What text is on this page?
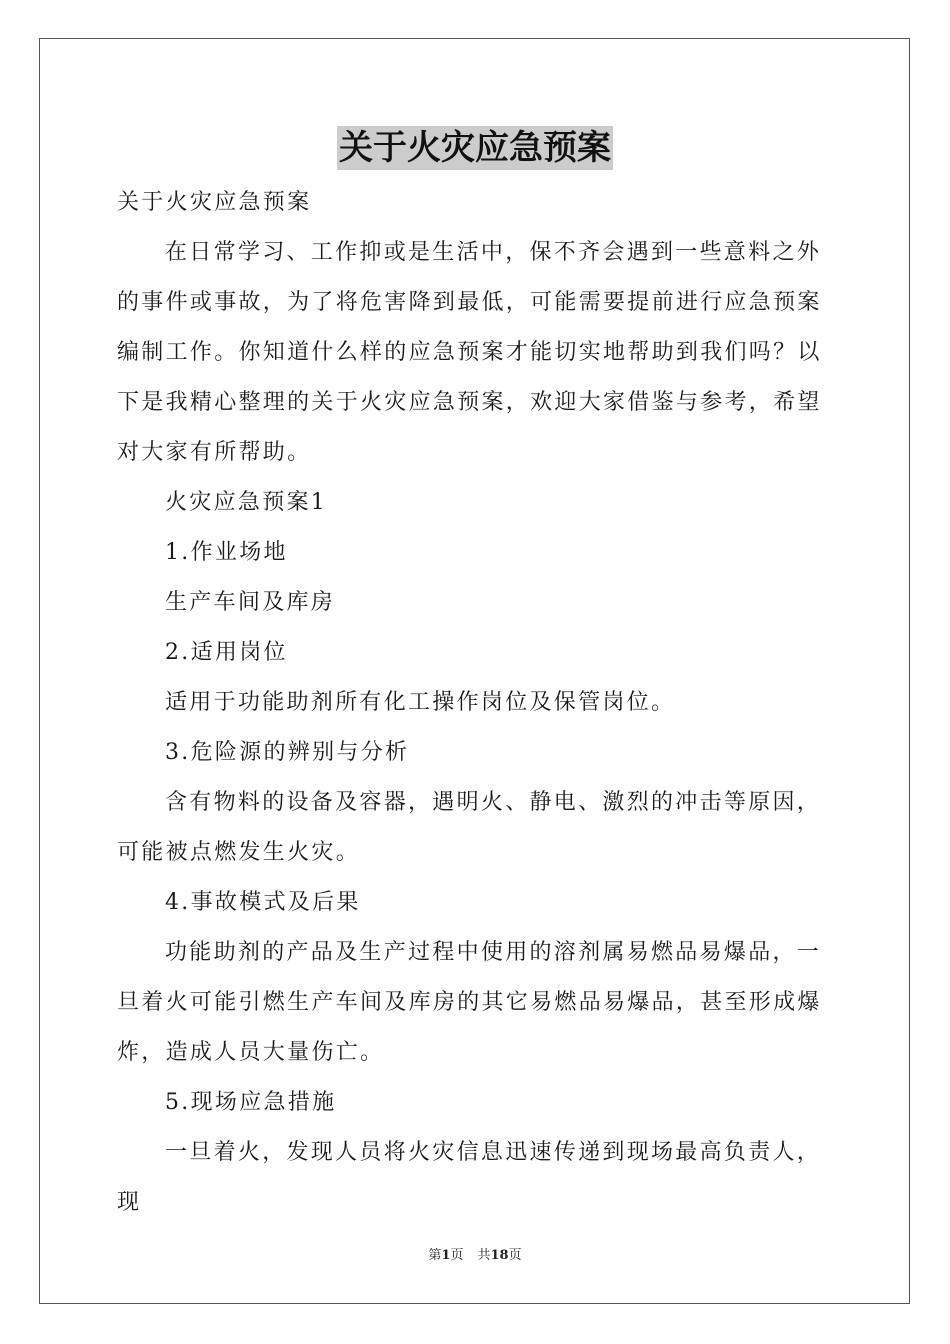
关于火灾应急预案

关于火灾应急预案

在日常学习、工作抑或是生活中，保不齐会遇到一些意料之外的事件或事故，为了将危害降到最低，可能需要提前进行应急预案编制工作。你知道什么样的应急预案才能切实地帮助到我们吗？以下是我精心整理的关于火灾应急预案，欢迎大家借鉴与参考，希望对大家有所帮助。

火灾应急预案1

1.作业场地

生产车间及库房

2.适用岗位

适用于功能助剂所有化工操作岗位及保管岗位。

3.危险源的辨别与分析

含有物料的设备及容器，遇明火、静电、激烈的冲击等原因，可能被点燃发生火灾。

4.事故模式及后果

功能助剂的产品及生产过程中使用的溶剂属易燃品易爆品，一旦着火可能引燃生产车间及库房的其它易燃品易爆品，甚至形成爆炸，造成人员大量伤亡。

5.现场应急措施

一旦着火，发现人员将火灾信息迅速传递到现场最高负责人，现

第1页 共18页
